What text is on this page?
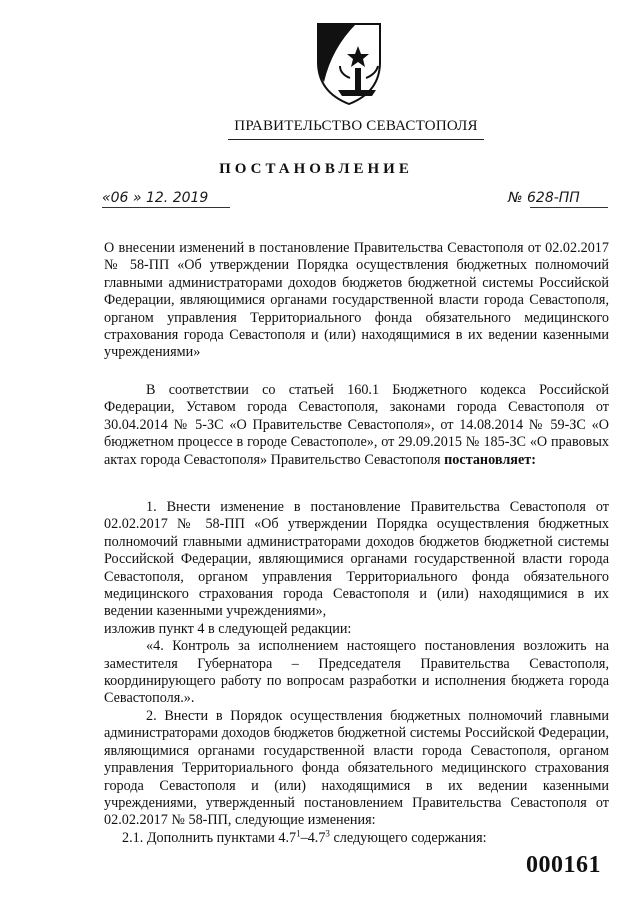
ПРАВИТЕЛЬСТВО СЕВАСТОПОЛЯ
ПОСТАНОВЛЕНИЕ
«06 » 12. 2019	№ 628-ПП

О внесении изменений в постановление Правительства Севастополя от 02.02.2017 № 58-ПП «Об утверждении Порядка осуществления бюджетных полномочий главными администраторами доходов бюджетов бюджетной системы Российской Федерации, являющимися органами государственной власти города Севастополя, органом управления Территориального фонда обязательного медицинского страхования города Севастополя и (или) находящимися в их ведении казенными учреждениями»

В соответствии со статьей 160.1 Бюджетного кодекса Российской Федерации, Уставом города Севастополя, законами города Севастополя от 30.04.2014 № 5-ЗС «О Правительстве Севастополя», от 14.08.2014 № 59-ЗС «О бюджетном процессе в городе Севастополе», от 29.09.2015 № 185-ЗС «О правовых актах города Севастополя» Правительство Севастополя постановляет:

1. Внести изменение в постановление Правительства Севастополя от 02.02.2017 № 58-ПП «Об утверждении Порядка осуществления бюджетных полномочий главными администраторами доходов бюджетов бюджетной системы Российской Федерации, являющимися органами государственной власти города Севастополя, органом управления Территориального фонда обязательного медицинского страхования города Севастополя и (или) находящимися в их ведении казенными учреждениями»,

изложив пункт 4 в следующей редакции:

«4. Контроль за исполнением настоящего постановления возложить на заместителя Губернатора – Председателя Правительства Севастополя, координирующего работу по вопросам разработки и исполнения бюджета города Севастополя.».

2. Внести в Порядок осуществления бюджетных полномочий главными администраторами доходов бюджетов бюджетной системы Российской Федерации, являющимися органами государственной власти города Севастополя, органом управления Территориального фонда обязательного медицинского страхования города Севастополя и (или) находящимися в их ведении казенными учреждениями, утвержденный постановлением Правительства Севастополя от 02.02.2017 № 58-ПП, следующие изменения:

2.1. Дополнить пунктами $4.7^1-4.7^3$ следующего содержания:

000161
